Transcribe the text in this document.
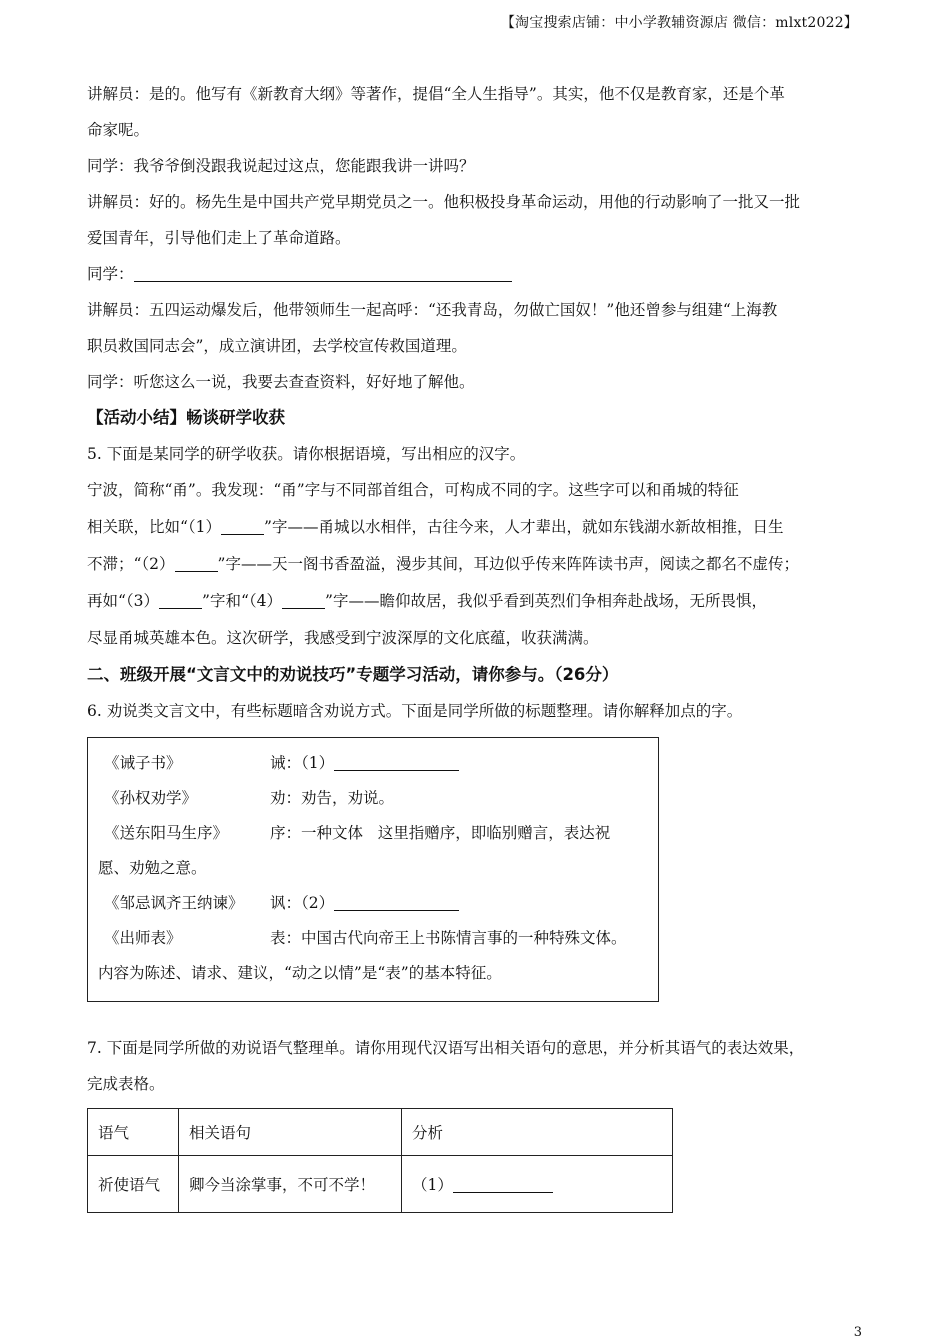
【淘宝搜索店铺：中小学教辅资源店 微信：mlxt2022】
讲解员：是的。他写有《新教育大纲》等著作，提倡“全人生指导”。其实，他不仅是教育家，还是个革
命家呢。
同学：我爷爷倒没跟我说起过这点，您能跟我讲一讲吗？
讲解员：好的。杨先生是中国共产党早期党员之一。他积极投身革命运动，用他的行动影响了一批又一批
爱国青年，引导他们走上了革命道路。
同学：
讲解员：五四运动爆发后，他带领师生一起高呼：“还我青岛，勿做亡国奴！”他还曾参与组建“上海教
职员救国同志会”，成立演讲团，去学校宣传救国道理。
同学：听您这么一说，我要去查查资料，好好地了解他。
【活动小结】畅谈研学收获
5. 下面是某同学的研学收获。请你根据语境，写出相应的汉字。
宁波，简称“甬”。我发现：“甬”字与不同部首组合，可构成不同的字。这些字可以和甬城的特征
相关联，比如“（1）	”字——甬城以水相伴，古往今来，人才辈出，就如东钱湖水新故相推，日生
不滞；“（2）	”字——天一阁书香盈溢，漫步其间，耳边似乎传来阵阵读书声，阅读之都名不虚传；
再如“（3）	”字和“（4）	”字——瞻仰故居，我似乎看到英烈们争相奔赴战场，无所畏惧，
尽显甬城英雄本色。这次研学，我感受到宁波深厚的文化底蕴，收获满满。
二、班级开展“文言文中的劝说技巧”专题学习活动，请你参与。（26分）
6. 劝说类文言文中，有些标题暗含劝说方式。下面是同学所做的标题整理。请你解释加点的字。
《诫子书》	诫：（1）
《孙权劝学》	劝：劝告，劝说。
《送东阳马生序》	序：一种文体   这里指赠序，即临别赠言，表达祝
愿、劝勉之意。
《邹忌讽齐王纳谏》	讽：（2）
《出师表》	表：中国古代向帝王上书陈情言事的一种特殊文体。
内容为陈述、请求、建议，“动之以情”是“表”的基本特征。
7. 下面是同学所做的劝说语气整理单。请你用现代汉语写出相关语句的意思，并分析其语气的表达效果，
完成表格。
语气	相关语句	分析
祈使语气	卿今当涂掌事，不可不学！	（1）
3
